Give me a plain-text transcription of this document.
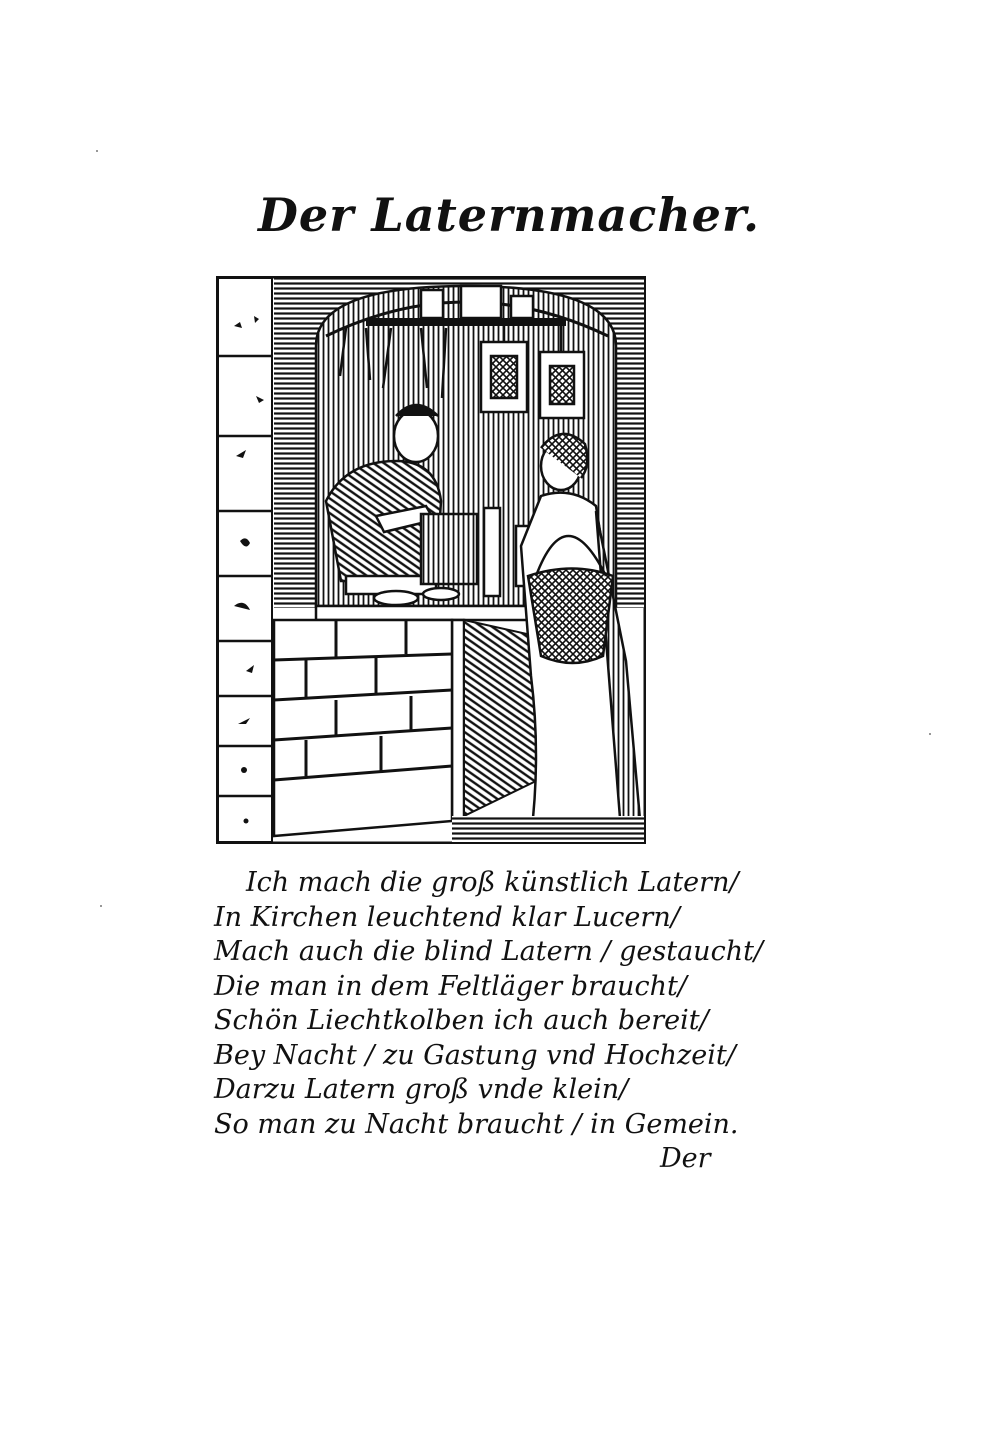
Der Laternmacher.
Ich mach die groß künstlich Latern/
In Kirchen leuchtend klar Lucern/
Mach auch die blind Latern / gestaucht/
Die man in dem Feltläger braucht/
Schön Liechtkolben ich auch bereit/
Bey Nacht / zu Gastung vnd Hochzeit/
Darzu Latern groß vnde klein/
So man zu Nacht braucht / in Gemein.
Der
